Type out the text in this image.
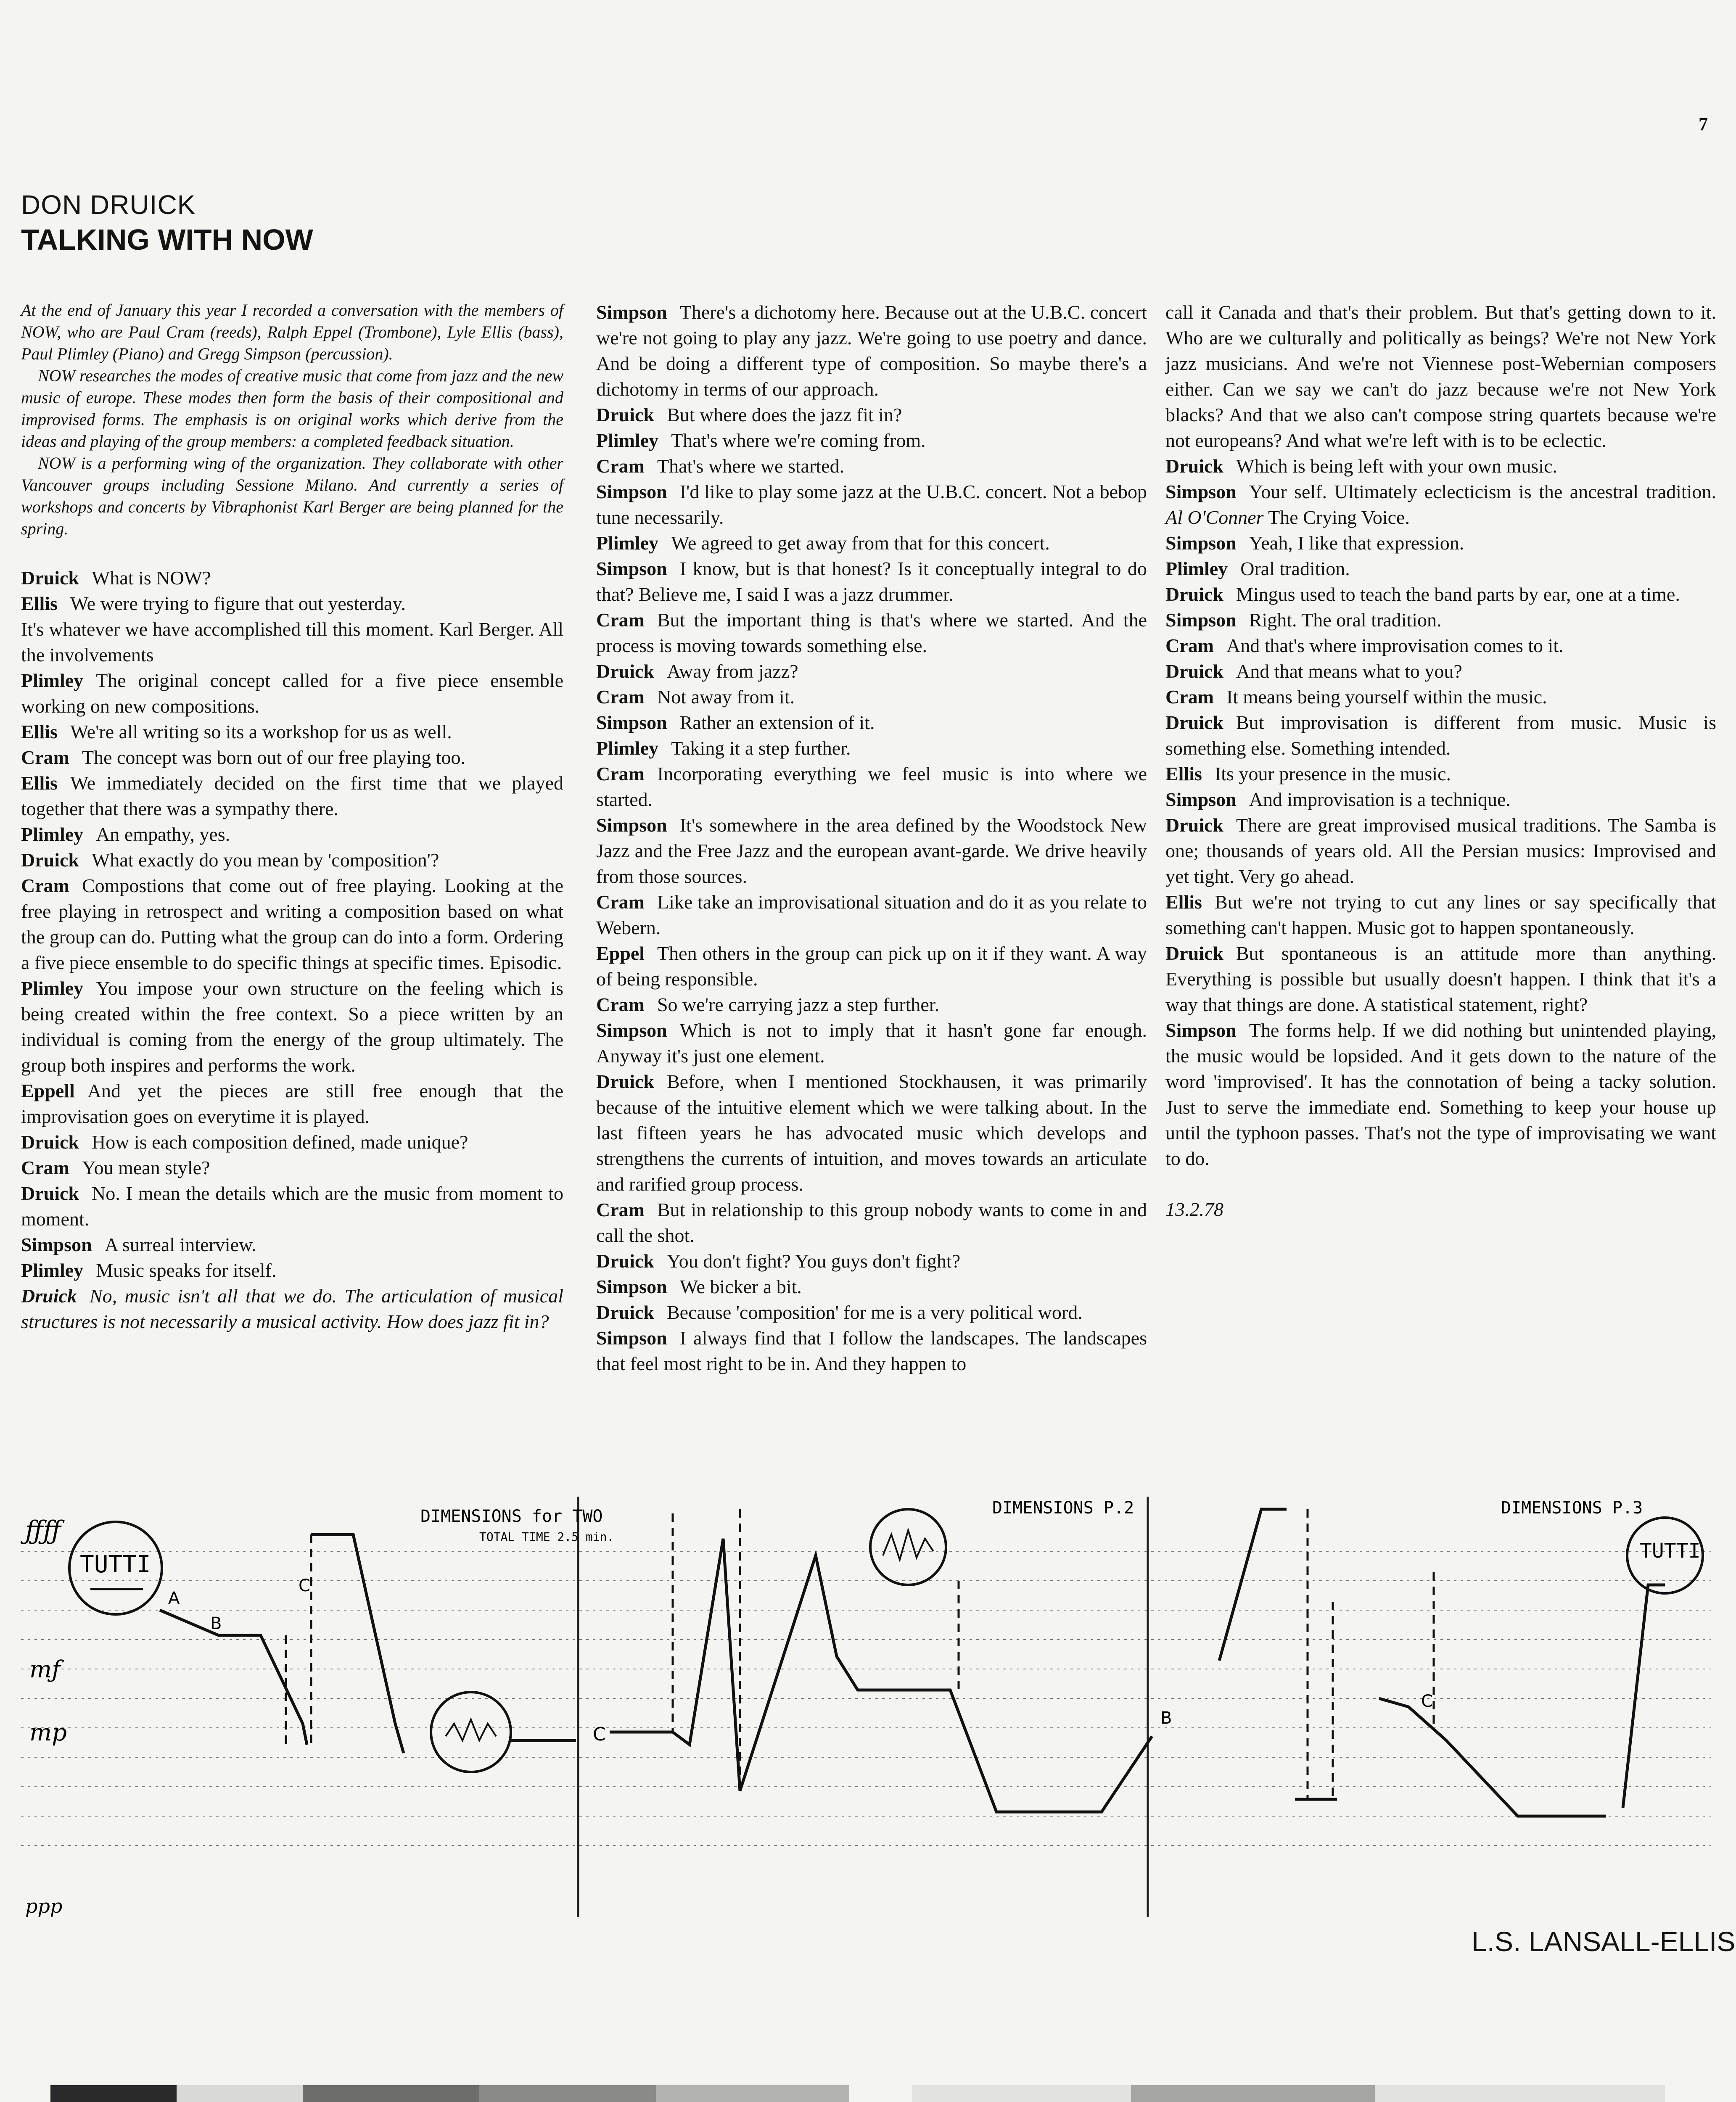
7
DON DRUICK
TALKING WITH NOW

At the end of January this year I recorded a conversation with the members of NOW, who are Paul Cram (reeds), Ralph Eppel (Trombone), Lyle Ellis (bass), Paul Plimley (Piano) and Gregg Simpson (percussion).

NOW researches the modes of creative music that come from jazz and the new music of europe. These modes then form the basis of their compositional and improvised forms. The emphasis is on original works which derive from the ideas and playing of the group members: a completed feedback situation.

NOW is a performing wing of the organization. They collaborate with other Vancouver groups including Sessione Milano. And currently a series of workshops and concerts by Vibraphonist Karl Berger are being planned for the spring.

Druick What is NOW?

Ellis We were trying to figure that out yesterday.

It's whatever we have accomplished till this moment. Karl Berger. All the involvements

Plimley The original concept called for a five piece ensemble working on new compositions.

Ellis We're all writing so its a workshop for us as well.

Cram The concept was born out of our free playing too.

Ellis We immediately decided on the first time that we played together that there was a sympathy there.

Plimley An empathy, yes.

Druick What exactly do you mean by 'composition'?

Cram Compostions that come out of free playing. Looking at the free playing in retrospect and writing a composition based on what the group can do. Putting what the group can do into a form. Ordering a five piece ensemble to do specific things at specific times. Episodic.

Plimley You impose your own structure on the feeling which is being created within the free context. So a piece written by an individual is coming from the energy of the group ultimately. The group both inspires and performs the work.

Eppell And yet the pieces are still free enough that the improvisation goes on everytime it is played.

Druick How is each composition defined, made unique?

Cram You mean style?

Druick No. I mean the details which are the music from moment to moment.

Simpson A surreal interview.

Plimley Music speaks for itself.

Druick No, music isn't all that we do. The articulation of musical structures is not necessarily a musical activity. How does jazz fit in?

Simpson There's a dichotomy here. Because out at the U.B.C. concert we're not going to play any jazz. We're going to use poetry and dance. And be doing a different type of composition. So maybe there's a dichotomy in terms of our approach.

Druick But where does the jazz fit in?

Plimley That's where we're coming from.

Cram That's where we started.

Simpson I'd like to play some jazz at the U.B.C. concert. Not a bebop tune necessarily.

Plimley We agreed to get away from that for this concert.

Simpson I know, but is that honest? Is it conceptually integral to do that? Believe me, I said I was a jazz drummer.

Cram But the important thing is that's where we started. And the process is moving towards something else.

Druick Away from jazz?

Cram Not away from it.

Simpson Rather an extension of it.

Plimley Taking it a step further.

Cram Incorporating everything we feel music is into where we started.

Simpson It's somewhere in the area defined by the Woodstock New Jazz and the Free Jazz and the european avant-garde. We drive heavily from those sources.

Cram Like take an improvisational situation and do it as you relate to Webern.

Eppel Then others in the group can pick up on it if they want. A way of being responsible.

Cram So we're carrying jazz a step further.

Simpson Which is not to imply that it hasn't gone far enough. Anyway it's just one element.

Druick Before, when I mentioned Stockhausen, it was primarily because of the intuitive element which we were talking about. In the last fifteen years he has advocated music which develops and strengthens the currents of intuition, and moves towards an articulate and rarified group process.

Cram But in relationship to this group nobody wants to come in and call the shot.

Druick You don't fight? You guys don't fight?

Simpson We bicker a bit.

Druick Because 'composition' for me is a very political word.

Simpson I always find that I follow the landscapes. The landscapes that feel most right to be in. And they happen to

call it Canada and that's their problem. But that's getting down to it. Who are we culturally and politically as beings? We're not New York jazz musicians. And we're not Viennese post-Webernian composers either. Can we say we can't do jazz because we're not New York blacks? And that we also can't compose string quartets because we're not europeans? And what we're left with is to be eclectic.

Druick Which is being left with your own music.

Simpson Your self. Ultimately eclecticism is the ancestral tradition. Al O'Conner The Crying Voice.

Simpson Yeah, I like that expression.

Plimley Oral tradition.

Druick Mingus used to teach the band parts by ear, one at a time.

Simpson Right. The oral tradition.

Cram And that's where improvisation comes to it.

Druick And that means what to you?

Cram It means being yourself within the music.

Druick But improvisation is different from music. Music is something else. Something intended.

Ellis Its your presence in the music.

Simpson And improvisation is a technique.

Druick There are great improvised musical traditions. The Samba is one; thousands of years old. All the Persian musics: Improvised and yet tight. Very go ahead.

Ellis But we're not trying to cut any lines or say specifically that something can't happen. Music got to happen spontaneously.

Druick But spontaneous is an attitude more than anything. Everything is possible but usually doesn't happen. I think that it's a way that things are done. A statistical statement, right?

Simpson The forms help. If we did nothing but unintended playing, the music would be lopsided. And it gets down to the nature of the word 'improvised'. It has the connotation of being a tacky solution. Just to serve the immediate end. Something to keep your house up until the typhoon passes. That's not the type of improvisating we want to do.

13.2.78
ƒƒƒƒ
mƒ
mp
ppp
DIMENSIONS for TWO
TOTAL TIME 2.5 min.
TUTTI
A
B
C
DIMENSIONS P.2
C
DIMENSIONS P.3
TUTTI
B
C
L.S. LANSALL-ELLIS
